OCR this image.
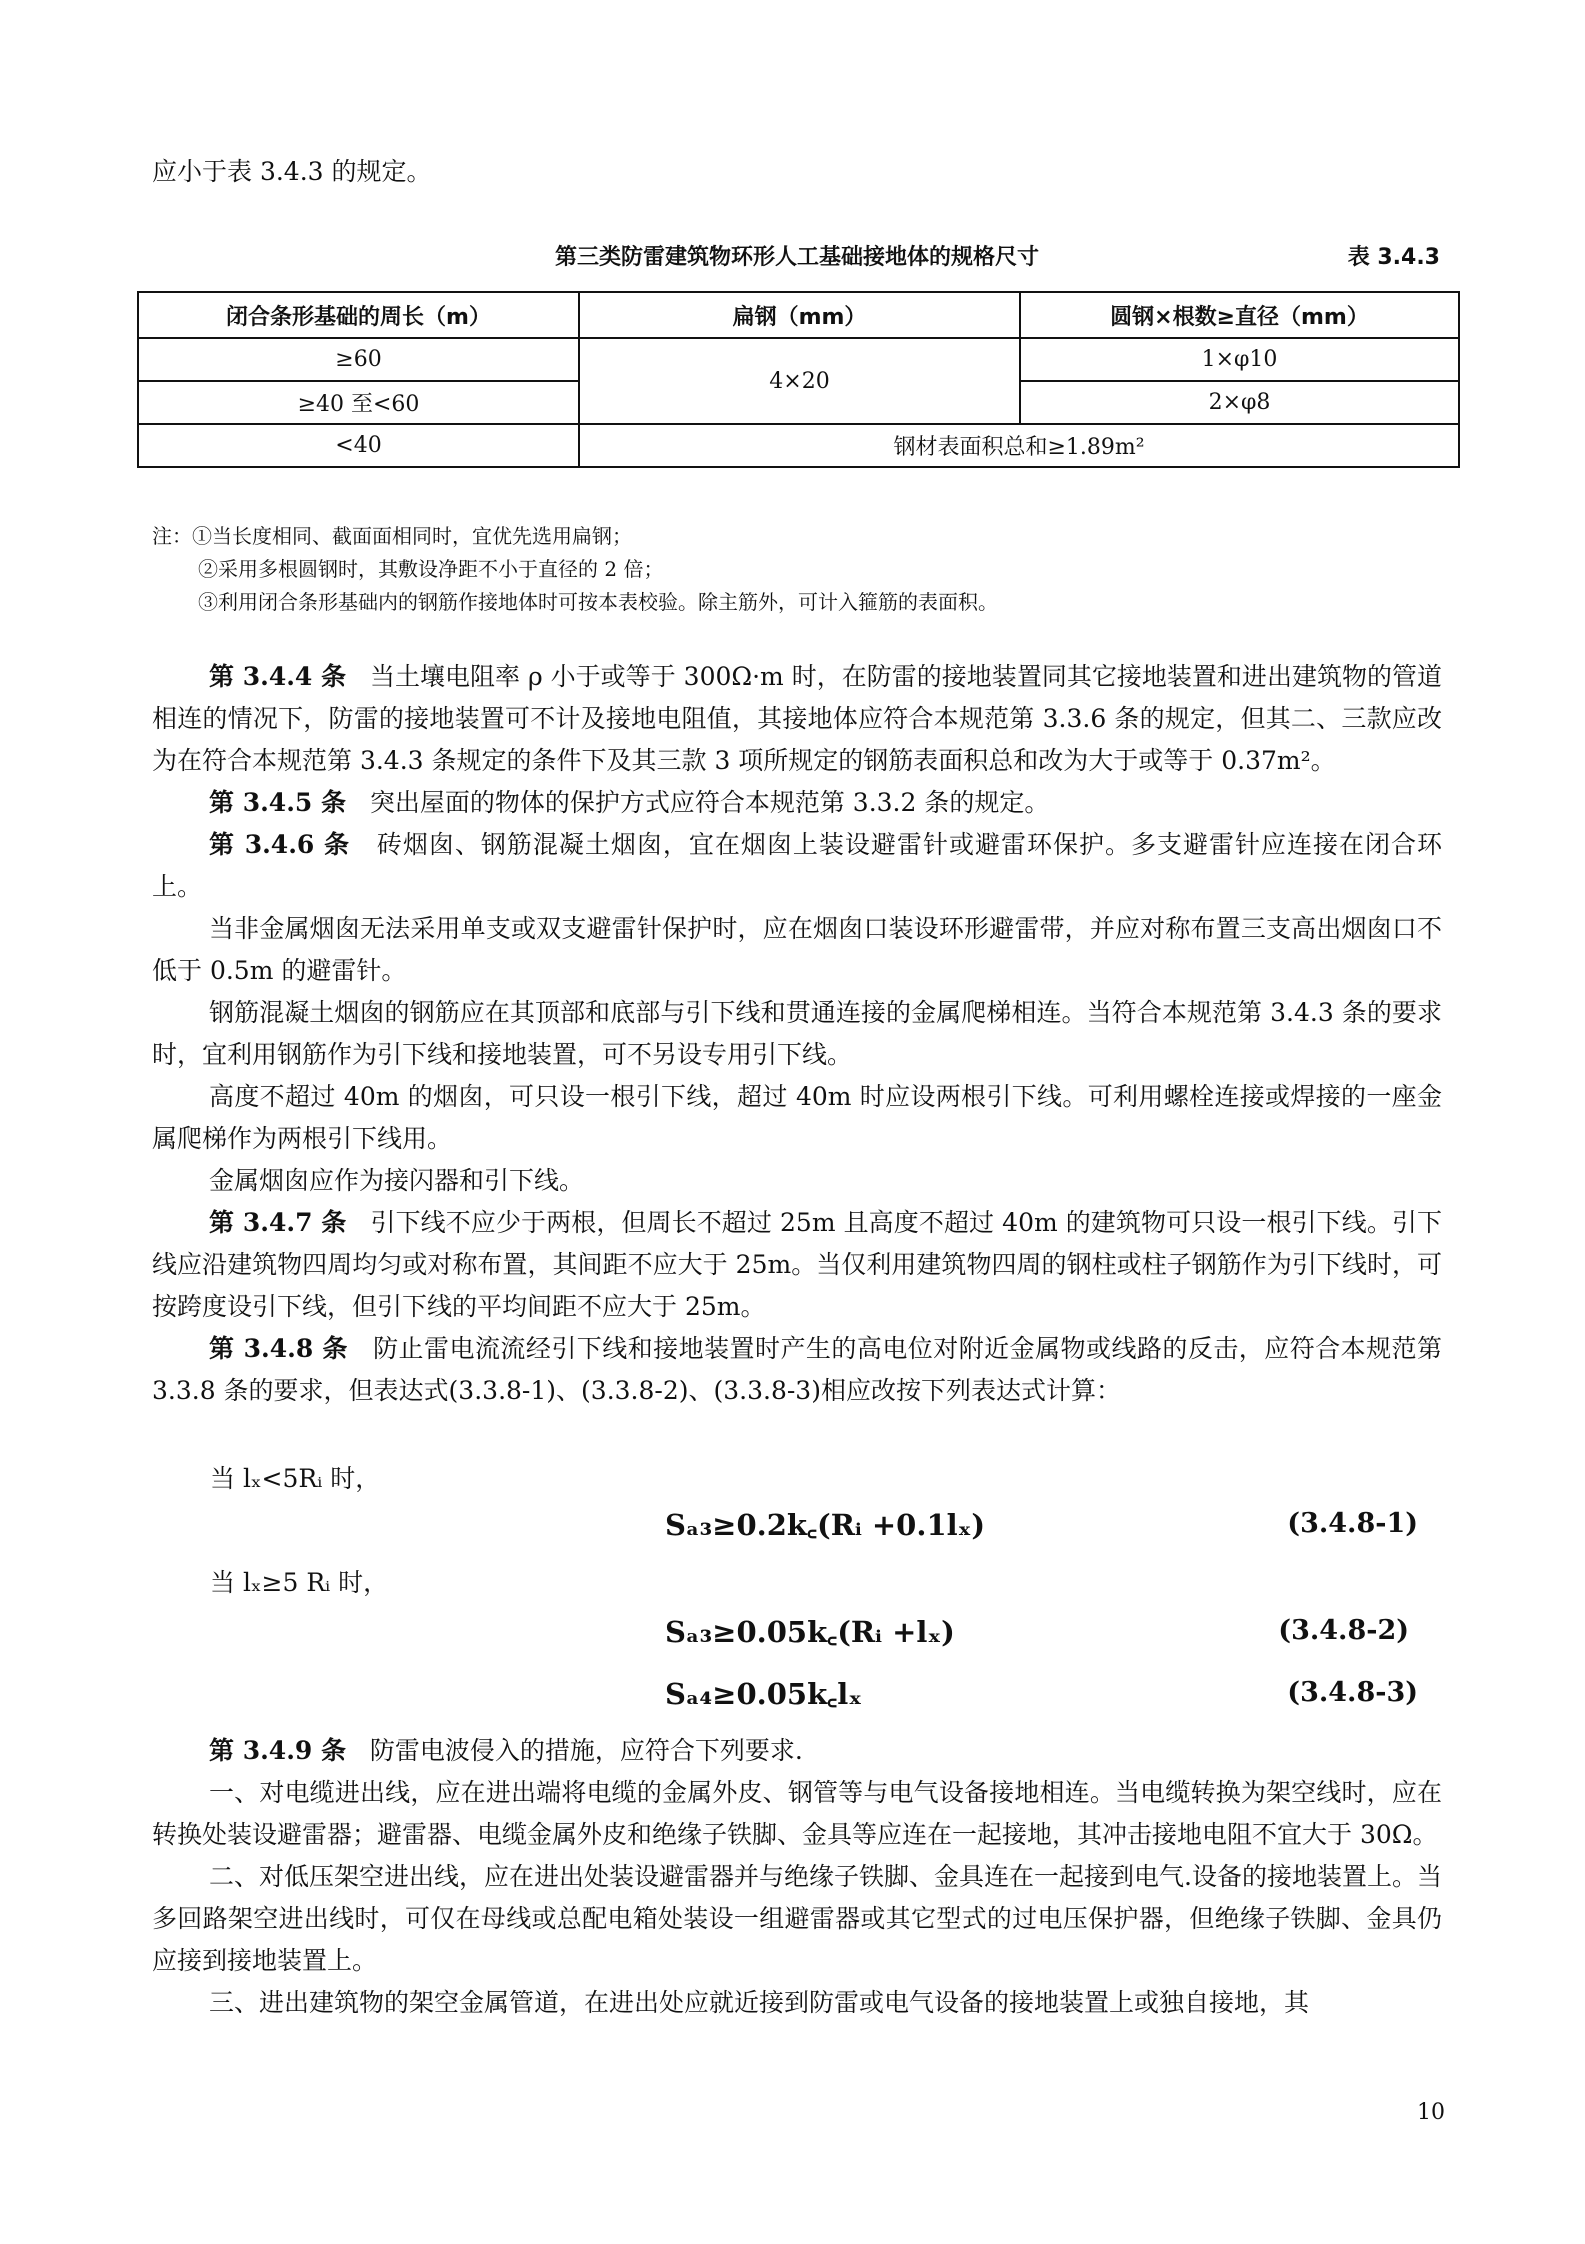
应小于表 3.4.3 的规定。
第三类防雷建筑物环形人工基础接地体的规格尺寸	表 3.4.3
闭合条形基础的周长（m）	扁钢（mm）	圆钢×根数≥直径（mm）
≥60	4×20	1×φ10
≥40 至<60		2×φ8
<40	钢材表面积总和≥1.89m²	
注：①当长度相同、截面面相同时，宜优先选用扁钢；
②采用多根圆钢时，其敷设净距不小于直径的 2 倍；
③利用闭合条形基础内的钢筋作接地体时可按本表校验。除主筋外，可计入箍筋的表面积。

第 3.4.4 条 当土壤电阻率 ρ 小于或等于 300Ω·m 时，在防雷的接地装置同其它接地装置和进出建筑物的管道相连的情况下，防雷的接地装置可不计及接地电阻值，其接地体应符合本规范第 3.3.6 条的规定，但其二、三款应改为在符合本规范第 3.4.3 条规定的条件下及其三款 3 项所规定的钢筋表面积总和改为大于或等于 0.37m²。

第 3.4.5 条 突出屋面的物体的保护方式应符合本规范第 3.3.2 条的规定。

第 3.4.6 条 砖烟囱、钢筋混凝土烟囱，宜在烟囱上装设避雷针或避雷环保护。多支避雷针应连接在闭合环上。

当非金属烟囱无法采用单支或双支避雷针保护时，应在烟囱口装设环形避雷带，并应对称布置三支高出烟囱口不低于 0.5m 的避雷针。

钢筋混凝土烟囱的钢筋应在其顶部和底部与引下线和贯通连接的金属爬梯相连。当符合本规范第 3.4.3 条的要求时，宜利用钢筋作为引下线和接地装置，可不另设专用引下线。

高度不超过 40m 的烟囱，可只设一根引下线，超过 40m 时应设两根引下线。可利用螺栓连接或焊接的一座金属爬梯作为两根引下线用。

金属烟囱应作为接闪器和引下线。

第 3.4.7 条 引下线不应少于两根，但周长不超过 25m 且高度不超过 40m 的建筑物可只设一根引下线。引下线应沿建筑物四周均匀或对称布置，其间距不应大于 25m。当仅利用建筑物四周的钢柱或柱子钢筋作为引下线时，可按跨度设引下线，但引下线的平均间距不应大于 25m。

第 3.4.8 条 防止雷电流流经引下线和接地装置时产生的高电位对附近金属物或线路的反击，应符合本规范第 3.3.8 条的要求，但表达式(3.3.8-1)、(3.3.8-2)、(3.3.8-3)相应改按下列表达式计算：

当 lₓ<5Rᵢ 时，
Sₐ₃≥0.2k꜀(Rᵢ +0.1lₓ)	(3.4.8-1)
当 lₓ≥5 Rᵢ 时，
Sₐ₃≥0.05k꜀(Rᵢ +lₓ)	(3.4.8-2)
Sₐ₄≥0.05k꜀lₓ	(3.4.8-3)

第 3.4.9 条 防雷电波侵入的措施，应符合下列要求.

一、对电缆进出线，应在进出端将电缆的金属外皮、钢管等与电气设备接地相连。当电缆转换为架空线时，应在转换处装设避雷器；避雷器、电缆金属外皮和绝缘子铁脚、金具等应连在一起接地，其冲击接地电阻不宜大于 30Ω。

二、对低压架空进出线，应在进出处装设避雷器并与绝缘子铁脚、金具连在一起接到电气.设备的接地装置上。当多回路架空进出线时，可仅在母线或总配电箱处装设一组避雷器或其它型式的过电压保护器，但绝缘子铁脚、金具仍应接到接地装置上。

三、进出建筑物的架空金属管道，在进出处应就近接到防雷或电气设备的接地装置上或独自接地，其

10
